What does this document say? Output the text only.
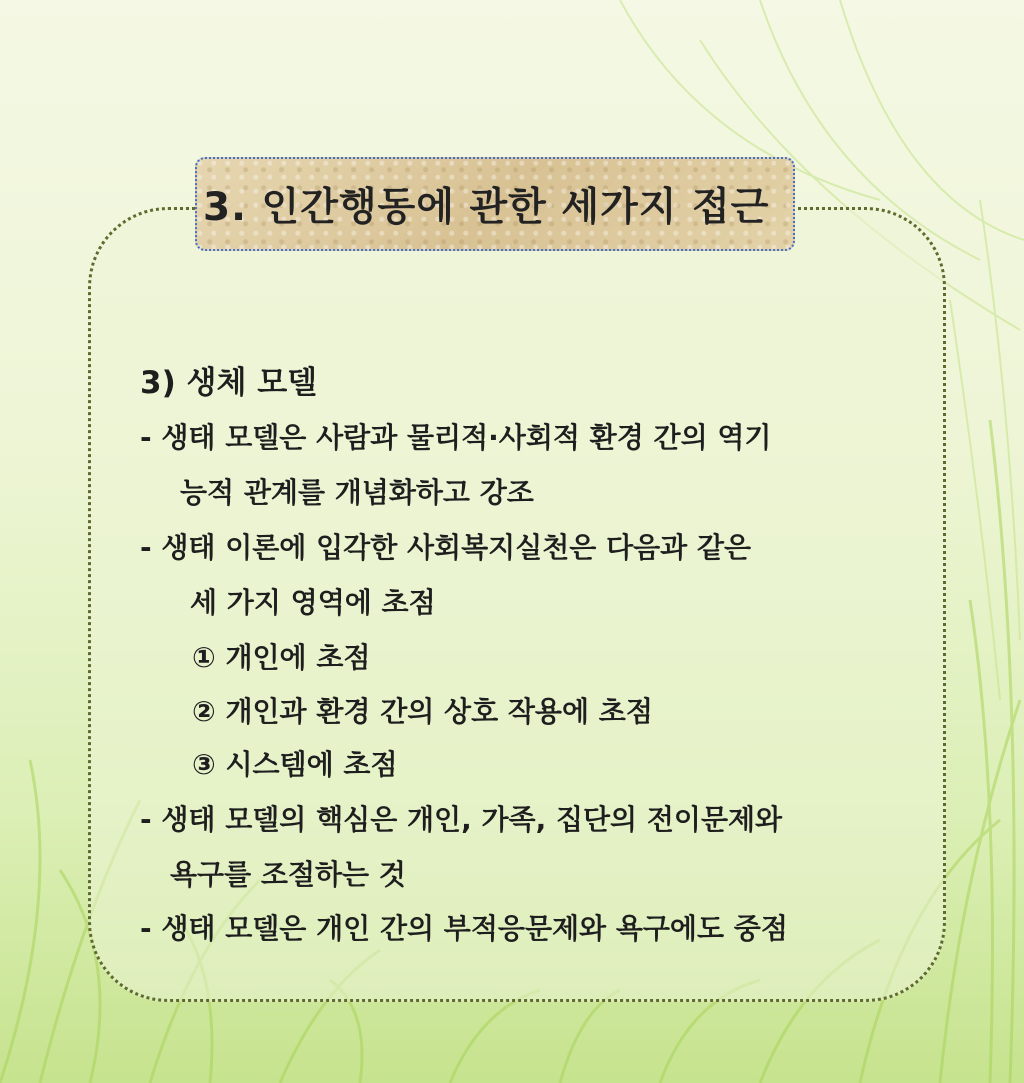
3. 인간행동에 관한 세가지 접근
3) 생체 모델
- 생태 모델은 사람과 물리적·사회적 환경 간의 역기
능적 관계를 개념화하고 강조
- 생태 이론에 입각한 사회복지실천은 다음과 같은
세 가지 영역에 초점
① 개인에 초점
② 개인과 환경 간의 상호 작용에 초점
③ 시스템에 초점
- 생태 모델의 핵심은 개인, 가족, 집단의 전이문제와
욕구를 조절하는 것
- 생태 모델은 개인 간의 부적응문제와 욕구에도 중점
